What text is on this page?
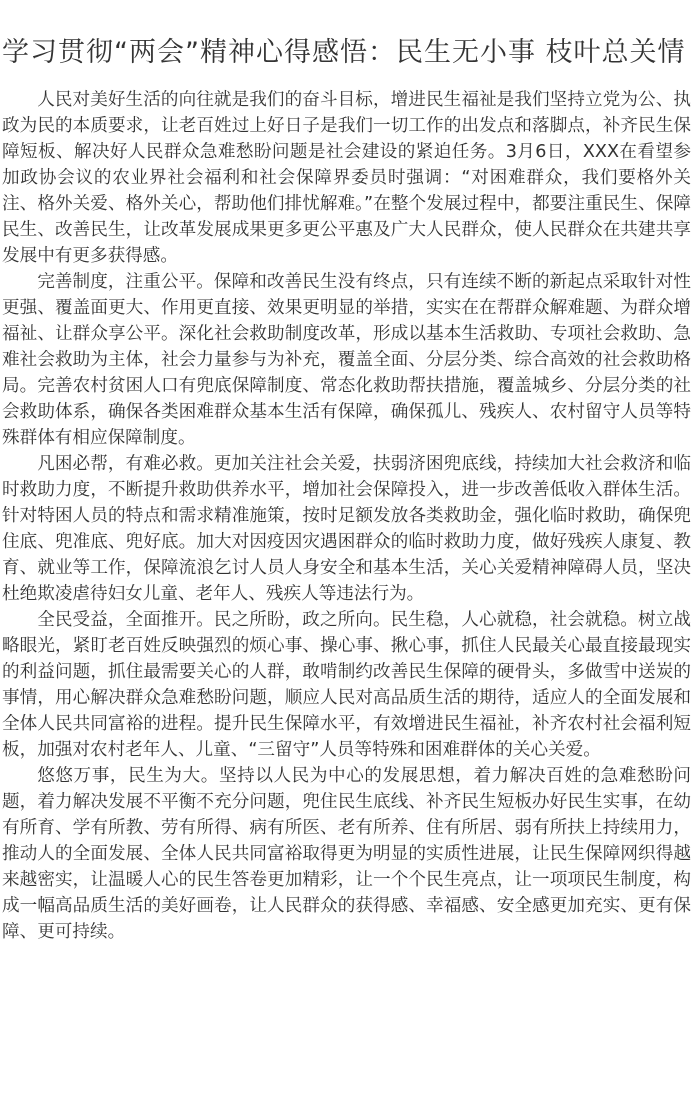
学习贯彻“两会”精神心得感悟：民生无小事 枝叶总关情

人民对美好生活的向往就是我们的奋斗目标，增进民生福祉是我们坚持立党为公、执政为民的本质要求，让老百姓过上好日子是我们一切工作的出发点和落脚点，补齐民生保障短板、解决好人民群众急难愁盼问题是社会建设的紧迫任务。3月6日，XXX在看望参加政协会议的农业界社会福利和社会保障界委员时强调：“对困难群众，我们要格外关注、格外关爱、格外关心，帮助他们排忧解难。”在整个发展过程中，都要注重民生、保障民生、改善民生，让改革发展成果更多更公平惠及广大人民群众，使人民群众在共建共享发展中有更多获得感。

完善制度，注重公平。保障和改善民生没有终点，只有连续不断的新起点采取针对性更强、覆盖面更大、作用更直接、效果更明显的举措，实实在在帮群众解难题、为群众增福祉、让群众享公平。深化社会救助制度改革，形成以基本生活救助、专项社会救助、急难社会救助为主体，社会力量参与为补充，覆盖全面、分层分类、综合高效的社会救助格局。完善农村贫困人口有兜底保障制度、常态化救助帮扶措施，覆盖城乡、分层分类的社会救助体系，确保各类困难群众基本生活有保障，确保孤儿、残疾人、农村留守人员等特殊群体有相应保障制度。

凡困必帮，有难必救。更加关注社会关爱，扶弱济困兜底线，持续加大社会救济和临时救助力度，不断提升救助供养水平，增加社会保障投入，进一步改善低收入群体生活。针对特困人员的特点和需求精准施策，按时足额发放各类救助金，强化临时救助，确保兜住底、兜准底、兜好底。加大对因疫因灾遇困群众的临时救助力度，做好残疾人康复、教育、就业等工作，保障流浪乞讨人员人身安全和基本生活，关心关爱精神障碍人员，坚决杜绝欺凌虐待妇女儿童、老年人、残疾人等违法行为。

全民受益，全面推开。民之所盼，政之所向。民生稳，人心就稳，社会就稳。树立战略眼光，紧盯老百姓反映强烈的烦心事、操心事、揪心事，抓住人民最关心最直接最现实的利益问题，抓住最需要关心的人群，敢啃制约改善民生保障的硬骨头，多做雪中送炭的事情，用心解决群众急难愁盼问题，顺应人民对高品质生活的期待，适应人的全面发展和全体人民共同富裕的进程。提升民生保障水平，有效增进民生福祉，补齐农村社会福利短板，加强对农村老年人、儿童、“三留守”人员等特殊和困难群体的关心关爱。

悠悠万事，民生为大。坚持以人民为中心的发展思想，着力解决百姓的急难愁盼问题，着力解决发展不平衡不充分问题，兜住民生底线、补齐民生短板办好民生实事，在幼有所育、学有所教、劳有所得、病有所医、老有所养、住有所居、弱有所扶上持续用力，推动人的全面发展、全体人民共同富裕取得更为明显的实质性进展，让民生保障网织得越来越密实，让温暖人心的民生答卷更加精彩，让一个个民生亮点，让一项项民生制度，构成一幅高品质生活的美好画卷，让人民群众的获得感、幸福感、安全感更加充实、更有保障、更可持续。
